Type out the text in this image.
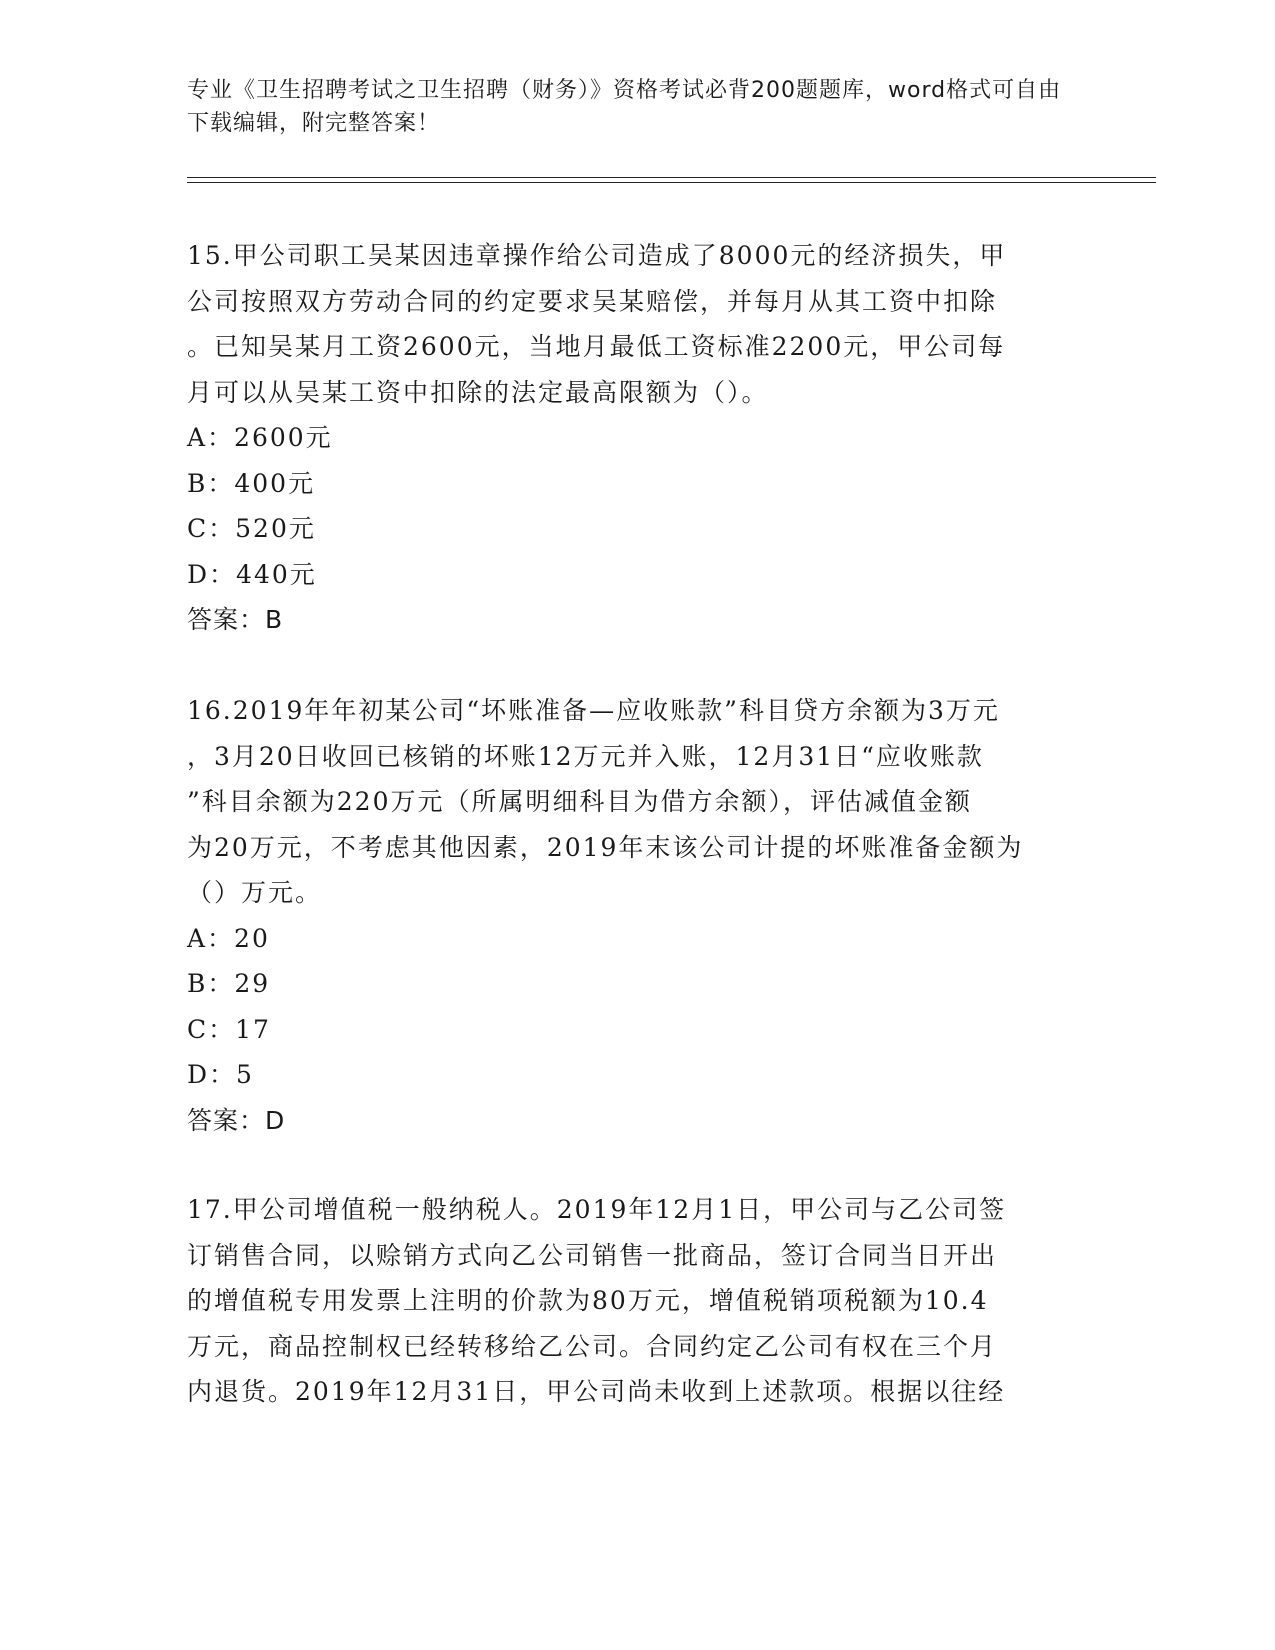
专业《卫生招聘考试之卫生招聘（财务）》资格考试必背200题题库，word格式可自由下载编辑，附完整答案！

15.甲公司职工吴某因违章操作给公司造成了8000元的经济损失，甲

公司按照双方劳动合同的约定要求吴某赔偿，并每月从其工资中扣除

。已知吴某月工资2600元，当地月最低工资标准2200元，甲公司每

月可以从吴某工资中扣除的法定最高限额为（）。

A：2600元

B：400元

C：520元

D：440元

答案：B

16.2019年年初某公司“坏账准备—应收账款”科目贷方余额为3万元

，3月20日收回已核销的坏账12万元并入账，12月31日“应收账款

”科目余额为220万元（所属明细科目为借方余额），评估减值金额

为20万元，不考虑其他因素，2019年末该公司计提的坏账准备金额为

（）万元。

A：20

B：29

C：17

D：5

答案：D

17.甲公司增值税一般纳税人。2019年12月1日，甲公司与乙公司签

订销售合同，以赊销方式向乙公司销售一批商品，签订合同当日开出

的增值税专用发票上注明的价款为80万元，增值税销项税额为10.4

万元，商品控制权已经转移给乙公司。合同约定乙公司有权在三个月

内退货。2019年12月31日，甲公司尚未收到上述款项。根据以往经
